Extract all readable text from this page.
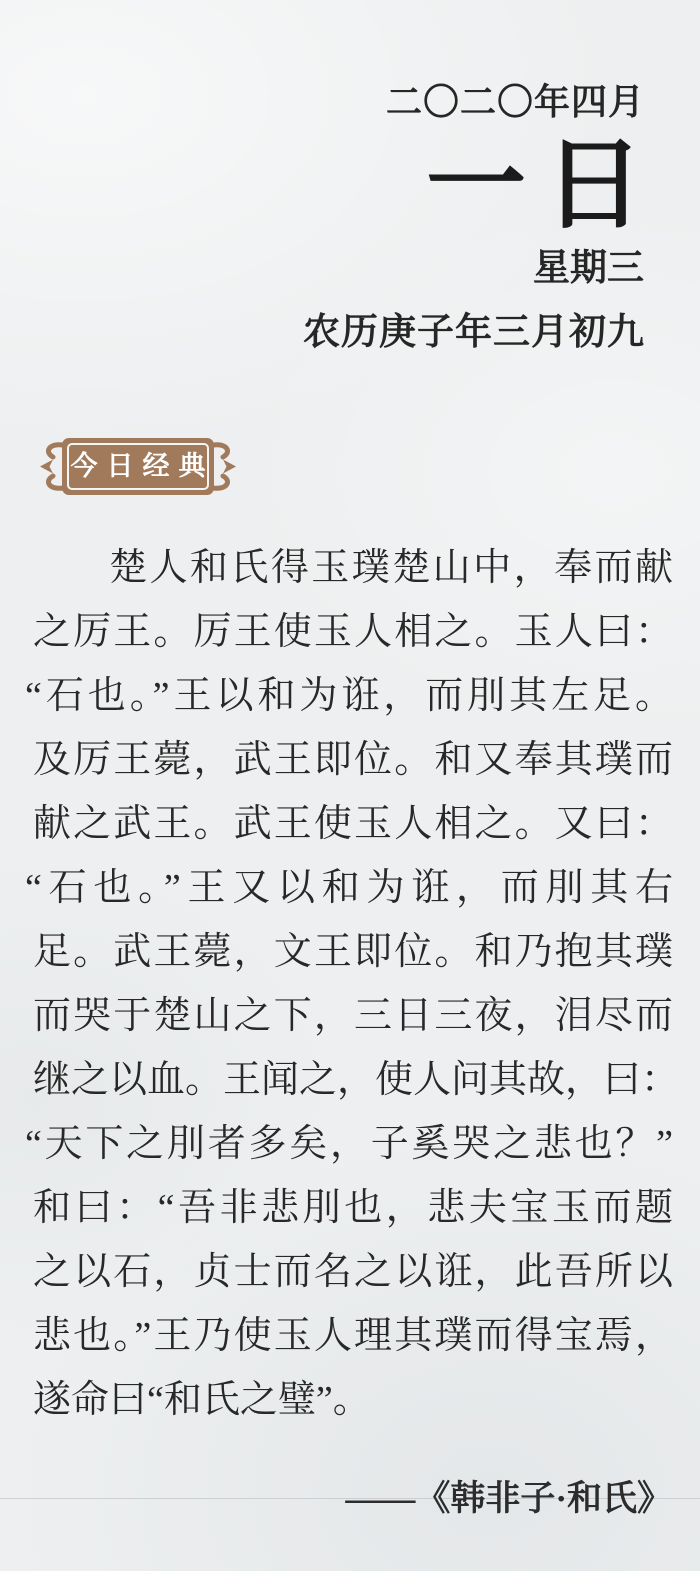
二〇二〇年四月
一日
星期三
农历庚子年三月初九
今日经典
楚人和氏得玉璞楚山中，奉而献
之厉王。厉王使玉人相之。玉人曰：
“石也。”王以和为诳，而刖其左足。
及厉王薨，武王即位。和又奉其璞而
献之武王。武王使玉人相之。又曰：
“石也。”王又以和为诳，而刖其右
足。武王薨，文王即位。和乃抱其璞
而哭于楚山之下，三日三夜，泪尽而
继之以血。王闻之，使人问其故，曰：
“天下之刖者多矣，子奚哭之悲也？”
和曰：“吾非悲刖也，悲夫宝玉而题
之以石，贞士而名之以诳，此吾所以
悲也。”王乃使玉人理其璞而得宝焉，
遂命曰“和氏之璧”。
——《韩非子·和氏》
